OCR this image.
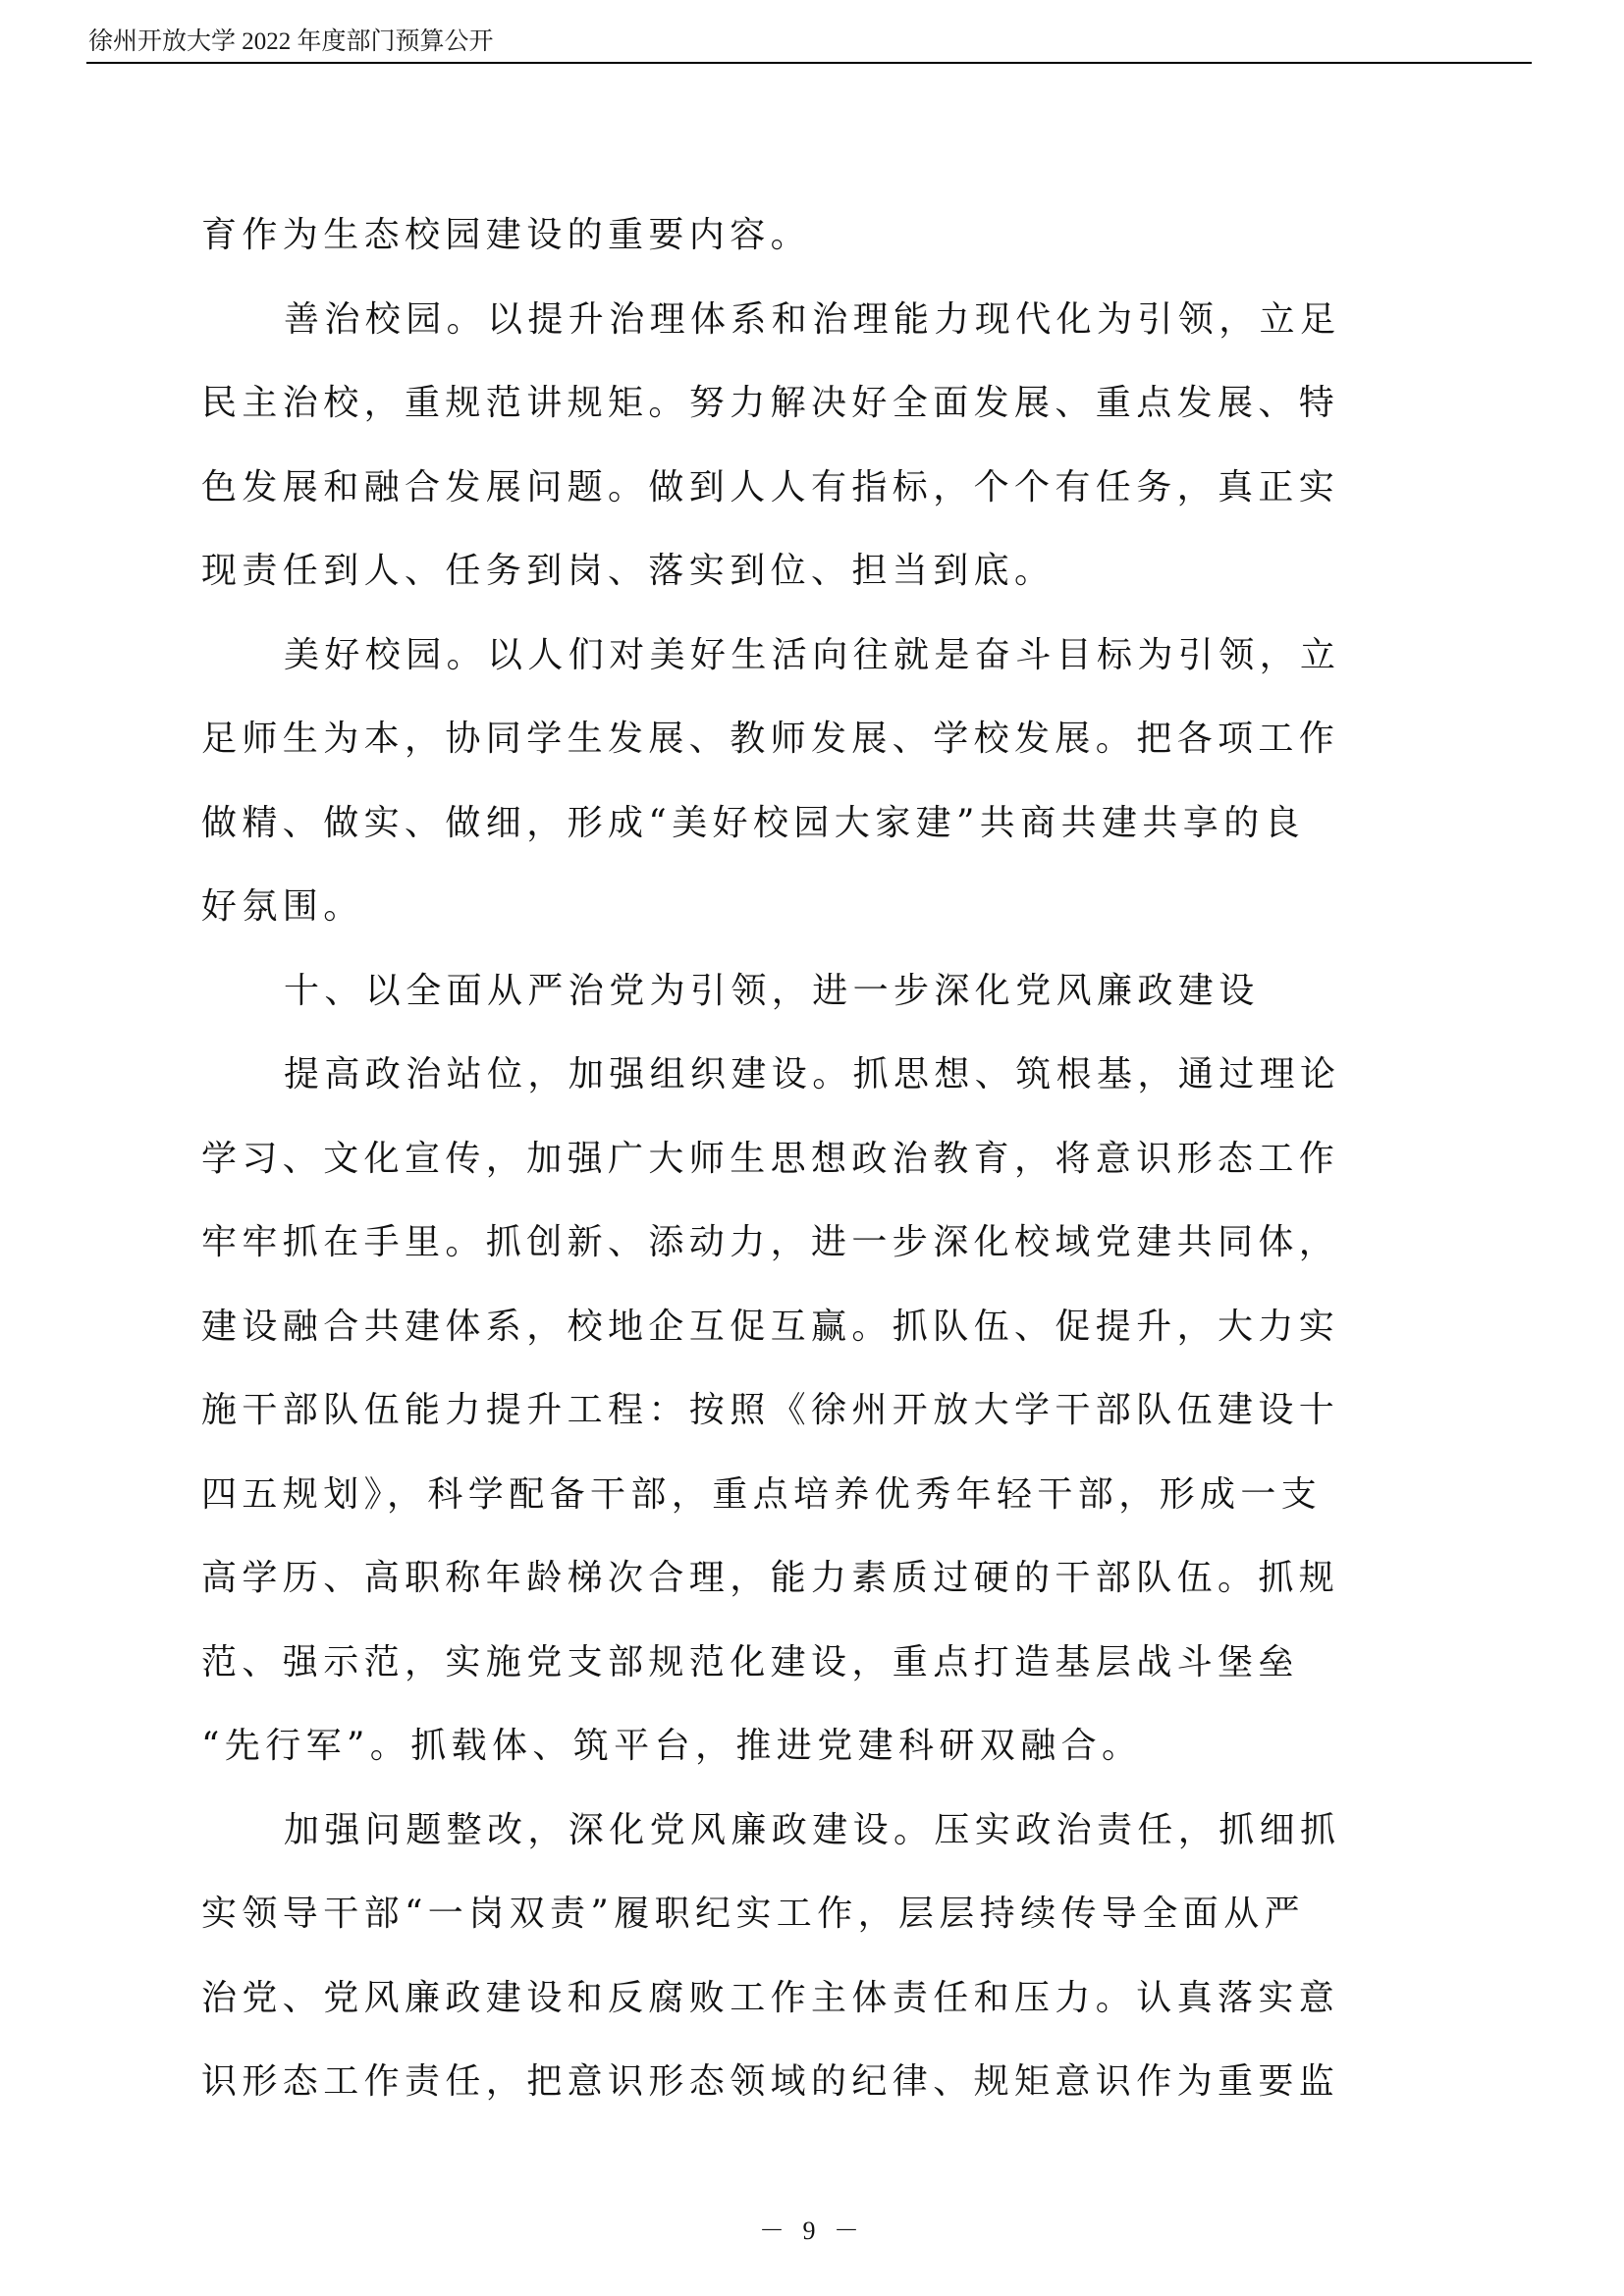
徐州开放大学 2022 年度部门预算公开
育作为生态校园建设的重要内容。
善治校园。以提升治理体系和治理能力现代化为引领，立足
民主治校，重规范讲规矩。努力解决好全面发展、重点发展、特
色发展和融合发展问题。做到人人有指标，个个有任务，真正实
现责任到人、任务到岗、落实到位、担当到底。
美好校园。以人们对美好生活向往就是奋斗目标为引领，立
足师生为本，协同学生发展、教师发展、学校发展。把各项工作
做精、做实、做细，形成“美好校园大家建”共商共建共享的良
好氛围。
十、以全面从严治党为引领，进一步深化党风廉政建设
提高政治站位，加强组织建设。抓思想、筑根基，通过理论
学习、文化宣传，加强广大师生思想政治教育，将意识形态工作
牢牢抓在手里。抓创新、添动力，进一步深化校域党建共同体，
建设融合共建体系，校地企互促互赢。抓队伍、促提升，大力实
施干部队伍能力提升工程：按照《徐州开放大学干部队伍建设十
四五规划》，科学配备干部，重点培养优秀年轻干部，形成一支
高学历、高职称年龄梯次合理，能力素质过硬的干部队伍。抓规
范、强示范，实施党支部规范化建设，重点打造基层战斗堡垒
“先行军”。抓载体、筑平台，推进党建科研双融合。
加强问题整改，深化党风廉政建设。压实政治责任，抓细抓
实领导干部“一岗双责”履职纪实工作，层层持续传导全面从严
治党、党风廉政建设和反腐败工作主体责任和压力。认真落实意
识形态工作责任，把意识形态领域的纪律、规矩意识作为重要监
－ 9 －
